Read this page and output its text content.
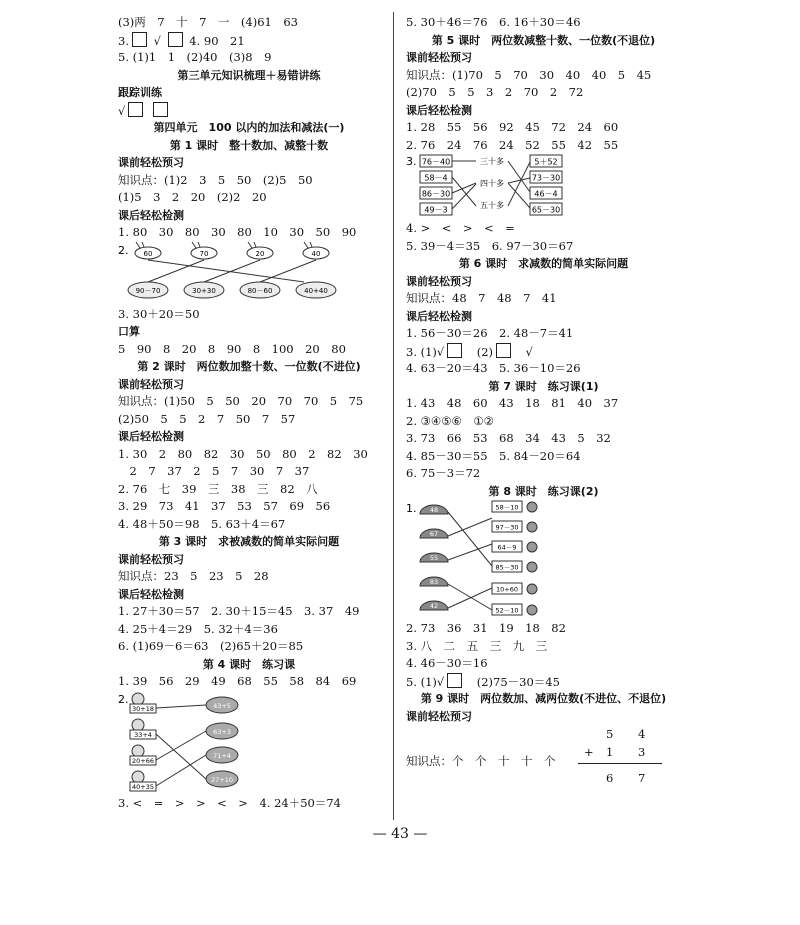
(3)两　7　十　7　一　(4)61　63
3. √ 4. 90　21
5. (1)1　1　(2)40　(3)8　9
第三单元知识梳理＋易错讲练
跟踪训练
√
第四单元　100 以内的加法和减法(一)
第 1 课时　整十数加、减整十数
课前轻松预习
知识点：(1)2　3　5　50　(2)5　50
(1)5　3　2　20　(2)2　20
课后轻松检测
1. 80　30　80　30　80　10　30　50　90
2. 60	70	20	40
90－70	30+30	80－60	40+40
3. 30＋20＝50
口算
5　90　8　20　8　90　8　100　20　80
第 2 课时　两位数加整十数、一位数(不进位)
课前轻松预习
知识点：(1)50　5　50　20　70　70　5　75
(2)50　5　5　2　7　50　7　57
课后轻松检测
1. 30　2　80　82　30　50　80　2　82　30
　2　7　37　2　5　7　30　7　37
2. 76　七　39　三　38　三　82　八
3. 29　73　41　37　53　57　69　56
4. 48＋50＝98　5. 63＋4＝67
第 3 课时　求被减数的简单实际问题
课前轻松预习
知识点：23　5　23　5　28
课后轻松检测
1. 27＋30＝57　2. 30＋15＝45　3. 37　49
4. 25＋4＝29　5. 32＋4＝36
6. (1)69－6＝63　(2)65＋20＝85
第 4 课时　练习课
1. 39　56　29　49　68　55　58　84　69
2.
30+18
33+4
20+66
40+35
43+5
63+3
71+4
27+10
3. <　=　>　>　<　>　4. 24＋50＝74
5. 30＋46＝76　6. 16＋30＝46
第 5 课时　两位数减整十数、一位数(不退位)
课前轻松预习
知识点：(1)70　5　70　30　40　40　5　45
(2)70　5　5　3　2　70　2　72
课后轻松检测
1. 28　55　56　92　45　72　24　60
2. 76　24　76　24　52　55　42　55
3. 76－40
58－4
86－30
49－3
三十多
四十多
五十多
5＋52
73－30
46－4
65－30
4. >　<　>　<　=
5. 39－4＝35　6. 97－30＝67
第 6 课时　求减数的简单实际问题
课前轻松预习
知识点：48　7　48　7　41
课后轻松检测
1. 56－30＝26　2. 48－7＝41
3. (1)√　	(2)　	√
4. 63－20＝43　5. 36－10＝26
第 7 课时　练习课(1)
1. 43　48　60　43　18　81　40　37
2. ③④⑤⑥　①②
3. 73　66　53　68　34　43　5　32
4. 85－30＝55　5. 84－20＝64
6. 75－3＝72
第 8 课时　练习课(2)
1. 48
67
55
83
42
58－10
97－30
64－9
85－30
10+60
52－10
2. 73　36　31　19　18　82
3. 八　二　五　三　九　三
4. 46－30＝16
5. (1)√　	(2)75－30＝45
第 9 课时　两位数加、减两位数(不进位、不退位)
课前轻松预习
知识点：个　个　十　十　个
5 4
+ 1 3
6 7
— 43 —
